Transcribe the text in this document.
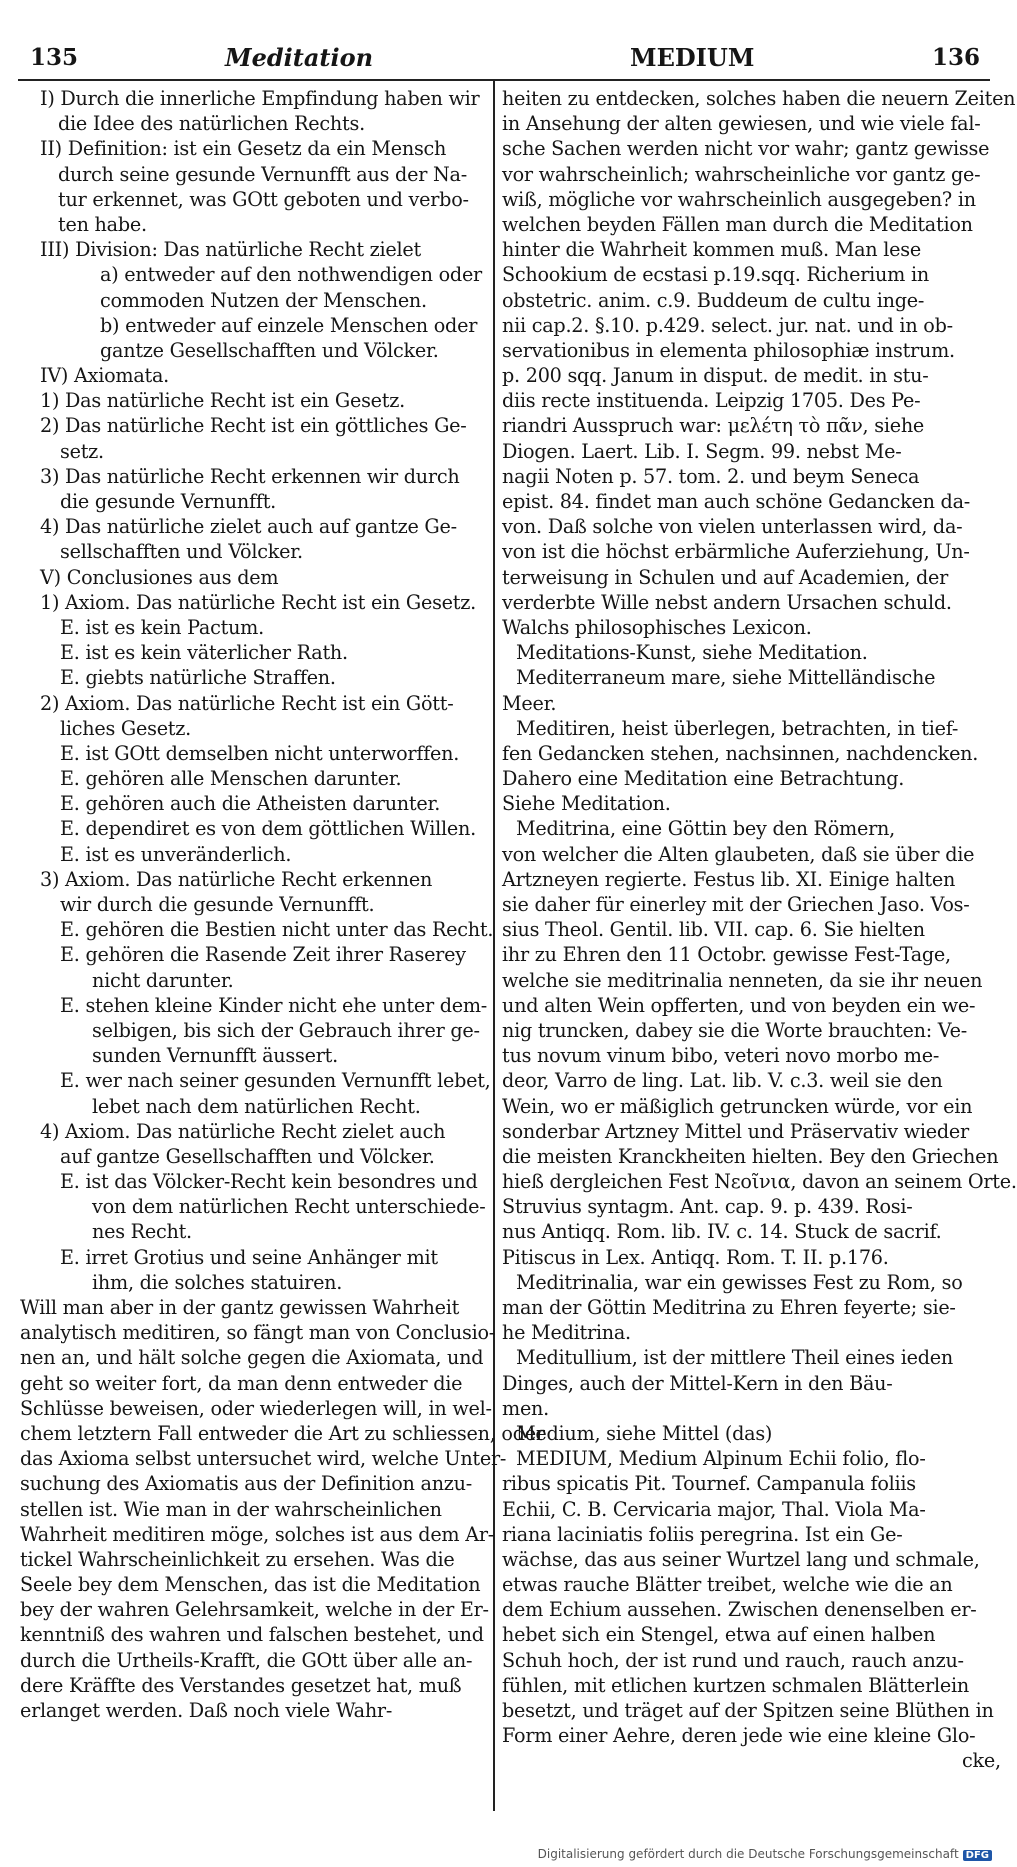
135	Meditation	MEDIUM	136
I) Durch die innerliche Empfindung haben wir
die Idee des natürlichen Rechts.
II) Definition: ist ein Gesetz da ein Mensch
durch seine gesunde Vernunfft aus der Na-
tur erkennet, was GOtt geboten und verbo-
ten habe.
III) Division: Das natürliche Recht zielet
a) entweder auf den nothwendigen oder
commoden Nutzen der Menschen.
b) entweder auf einzele Menschen oder
gantze Gesellschafften und Völcker.
IV) Axiomata.
1) Das natürliche Recht ist ein Gesetz.
2) Das natürliche Recht ist ein göttliches Ge-
setz.
3) Das natürliche Recht erkennen wir durch
die gesunde Vernunfft.
4) Das natürliche zielet auch auf gantze Ge-
sellschafften und Völcker.
V) Conclusiones aus dem
1) Axiom. Das natürliche Recht ist ein Gesetz.
E. ist es kein Pactum.
E. ist es kein väterlicher Rath.
E. giebts natürliche Straffen.
2) Axiom. Das natürliche Recht ist ein Gött-
liches Gesetz.
E. ist GOtt demselben nicht unterworffen.
E. gehören alle Menschen darunter.
E. gehören auch die Atheisten darunter.
E. dependiret es von dem göttlichen Willen.
E. ist es unveränderlich.
3) Axiom. Das natürliche Recht erkennen
wir durch die gesunde Vernunfft.
E. gehören die Bestien nicht unter das Recht.
E. gehören die Rasende Zeit ihrer Raserey
nicht darunter.
E. stehen kleine Kinder nicht ehe unter dem-
selbigen, bis sich der Gebrauch ihrer ge-
sunden Vernunfft äussert.
E. wer nach seiner gesunden Vernunfft lebet,
lebet nach dem natürlichen Recht.
4) Axiom. Das natürliche Recht zielet auch
auf gantze Gesellschafften und Völcker.
E. ist das Völcker-Recht kein besondres und
von dem natürlichen Recht unterschiede-
nes Recht.
E. irret Grotius und seine Anhänger mit
ihm, die solches statuiren.
Will man aber in der gantz gewissen Wahrheit
analytisch meditiren, so fängt man von Conclusio-
nen an, und hält solche gegen die Axiomata, und
geht so weiter fort, da man denn entweder die
Schlüsse beweisen, oder wiederlegen will, in wel-
chem letztern Fall entweder die Art zu schliessen, oder
das Axioma selbst untersuchet wird, welche Unter-
suchung des Axiomatis aus der Definition anzu-
stellen ist. Wie man in der wahrscheinlichen
Wahrheit meditiren möge, solches ist aus dem Ar-
tickel Wahrscheinlichkeit zu ersehen. Was die
Seele bey dem Menschen, das ist die Meditation
bey der wahren Gelehrsamkeit, welche in der Er-
kenntniß des wahren und falschen bestehet, und
durch die Urtheils-Krafft, die GOtt über alle an-
dere Kräffte des Verstandes gesetzet hat, muß
erlanget werden. Daß noch viele Wahr-
heiten zu entdecken, solches haben die neuern Zeiten
in Ansehung der alten gewiesen, und wie viele fal-
sche Sachen werden nicht vor wahr; gantz gewisse
vor wahrscheinlich; wahrscheinliche vor gantz ge-
wiß, mögliche vor wahrscheinlich ausgegeben? in
welchen beyden Fällen man durch die Meditation
hinter die Wahrheit kommen muß. Man lese
Schookium de ecstasi p.19.sqq. Richerium in
obstetric. anim. c.9. Buddeum de cultu inge-
nii cap.2. §.10. p.429. select. jur. nat. und in ob-
servationibus in elementa philosophiæ instrum.
p. 200 sqq. Janum in disput. de medit. in stu-
diis recte instituenda. Leipzig 1705. Des Pe-
riandri Ausspruch war: μελέτη τὸ πᾶν, siehe
Diogen. Laert. Lib. I. Segm. 99. nebst Me-
nagii Noten p. 57. tom. 2. und beym Seneca
epist. 84. findet man auch schöne Gedancken da-
von. Daß solche von vielen unterlassen wird, da-
von ist die höchst erbärmliche Auferziehung, Un-
terweisung in Schulen und auf Academien, der
verderbte Wille nebst andern Ursachen schuld.
Walchs philosophisches Lexicon.
Meditations-Kunst, siehe Meditation.
Mediterraneum mare, siehe Mittelländische
Meer.
Meditiren, heist überlegen, betrachten, in tief-
fen Gedancken stehen, nachsinnen, nachdencken.
Dahero eine Meditation eine Betrachtung.
Siehe Meditation.
Meditrina, eine Göttin bey den Römern,
von welcher die Alten glaubeten, daß sie über die
Artzneyen regierte. Festus lib. XI. Einige halten
sie daher für einerley mit der Griechen Jaso. Vos-
sius Theol. Gentil. lib. VII. cap. 6. Sie hielten
ihr zu Ehren den 11 Octobr. gewisse Fest-Tage,
welche sie meditrinalia nenneten, da sie ihr neuen
und alten Wein opfferten, und von beyden ein we-
nig truncken, dabey sie die Worte brauchten: Ve-
tus novum vinum bibo, veteri novo morbo me-
deor, Varro de ling. Lat. lib. V. c.3. weil sie den
Wein, wo er mäßiglich getruncken würde, vor ein
sonderbar Artzney Mittel und Präservativ wieder
die meisten Kranckheiten hielten. Bey den Griechen
hieß dergleichen Fest Νεοῖνια, davon an seinem Orte.
Struvius syntagm. Ant. cap. 9. p. 439. Rosi-
nus Antiqq. Rom. lib. IV. c. 14. Stuck de sacrif.
Pitiscus in Lex. Antiqq. Rom. T. II. p.176.
Meditrinalia, war ein gewisses Fest zu Rom, so
man der Göttin Meditrina zu Ehren feyerte; sie-
he Meditrina.
Meditullium, ist der mittlere Theil eines ieden
Dinges, auch der Mittel-Kern in den Bäu-
men.
Medium, siehe Mittel (das)
MEDIUM, Medium Alpinum Echii folio, flo-
ribus spicatis Pit. Tournef. Campanula foliis
Echii, C. B. Cervicaria major, Thal. Viola Ma-
riana laciniatis foliis peregrina. Ist ein Ge-
wächse, das aus seiner Wurtzel lang und schmale,
etwas rauche Blätter treibet, welche wie die an
dem Echium aussehen. Zwischen denenselben er-
hebet sich ein Stengel, etwa auf einen halben
Schuh hoch, der ist rund und rauch, rauch anzu-
fühlen, mit etlichen kurtzen schmalen Blätterlein
besetzt, und träget auf der Spitzen seine Blüthen in
Form einer Aehre, deren jede wie eine kleine Glo-
cke,
Digitalisierung gefördert durch die Deutsche Forschungsgemeinschaft DFG
